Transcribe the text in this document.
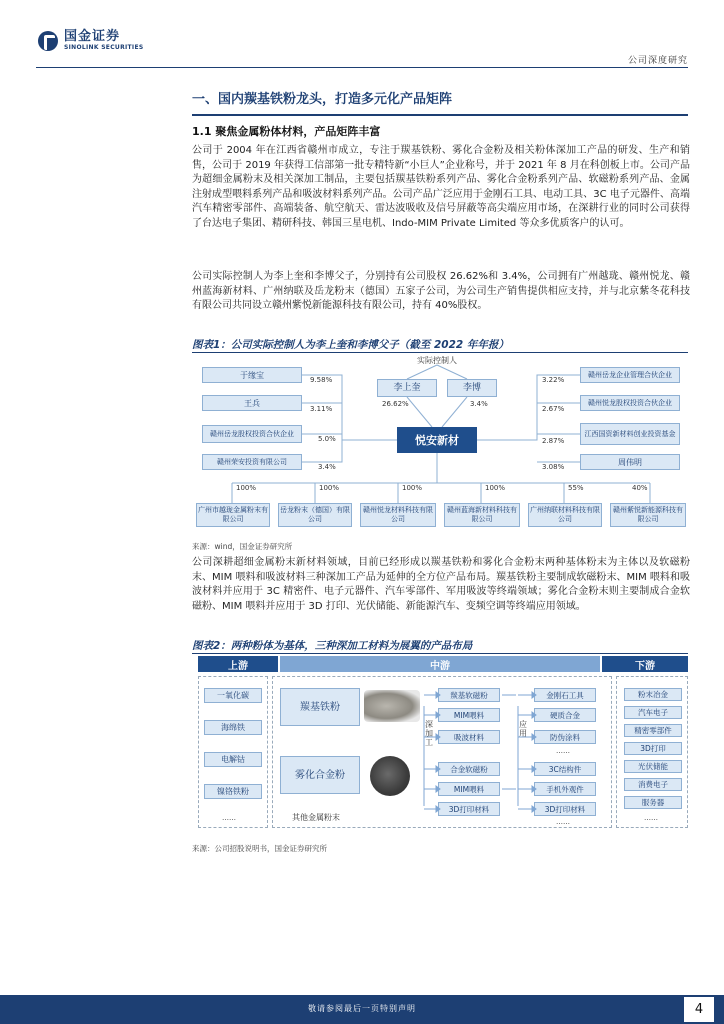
国金证券
SINOLINK SECURITIES
公司深度研究
一、国内羰基铁粉龙头，打造多元化产品矩阵
1.1 聚焦金属粉体材料，产品矩阵丰富

公司于 2004 年在江西省赣州市成立，专注于羰基铁粉、雾化合金粉及相关粉体深加工产品的研发、生产和销售，公司于 2019 年获得工信部第一批专精特新“小巨人”企业称号，并于 2021 年 8 月在科创板上市。公司产品为超细金属粉末及相关深加工制品，主要包括羰基铁粉系列产品、雾化合金粉系列产品、软磁粉系列产品、金属注射成型喂料系列产品和吸波材料系列产品。公司产品广泛应用于金刚石工具、电动工具、3C 电子元器件、高端汽车精密零部件、高端装备、航空航天、雷达波吸收及信号屏蔽等高尖端应用市场，在深耕行业的同时公司获得了台达电子集团、精研科技、韩国三星电机、Indo-MIM Private Limited 等众多优质客户的认可。

公司实际控制人为李上奎和李博父子，分别持有公司股权 26.62%和 3.4%，公司拥有广州越珑、赣州悦龙、赣州蓝海新材料、广州纳联及岳龙粉末（德国）五家子公司，为公司生产销售提供相应支持，并与北京紫冬花科技有限公司共同设立赣州紫悦新能源科技有限公司，持有 40%股权。

图表1：公司实际控制人为李上奎和李博父子（截至 2022 年年报）
实际控制人
李上奎	李博
26.62%	3.4%
悦安新材
于缘宝
9.58%
王兵
3.11%
赣州岳龙股权投资合伙企业
5.0%
赣州荣安投资有限公司
3.4%
赣州岳龙企业管理合伙企业
3.22%
赣州悦龙股权投资合伙企业
2.67%
江西国资新材料创业投资基金
2.87%
周伟明
3.08%
100%	100%	100%	100%	55%	40%
广州市越珑金属粉末有限公司
岳龙粉末（德国）有限公司
赣州悦龙材料科技有限公司
赣州蓝海新材料科技有限公司
广州纳联材料科技有限公司
赣州紫悦新能源科技有限公司
来源：wind，国金证券研究所

公司深耕超细金属粉末新材料领域，目前已经形成以羰基铁粉和雾化合金粉末两种基体粉末为主体以及软磁粉末、MIM 喂料和吸波材料三种深加工产品为延伸的全方位产品布局。羰基铁粉主要制成软磁粉末、MIM 喂料和吸波材料并应用于 3C 精密件、电子元器件、汽车零部件、军用吸波等终端领域；雾化合金粉末则主要制成合金软磁粉、MIM 喂料并应用于 3D 打印、光伏储能、新能源汽车、变频空调等终端应用领域。

图表2：两种粉体为基体，三种深加工材料为展翼的产品布局
上游	中游	下游
一氧化碳
海绵铁
电解钴
镍铬铁粉
……
羰基铁粉
雾化合金粉
其他金属粉末
深加工
应用
羰基软磁粉
MIM喂料
吸波材料
合金软磁粉
MIM喂料
3D打印材料
金刚石工具
硬质合金
防伪涂料
……
3C结构件
手机外观件
3D打印材料
……
粉末冶金
汽车电子
精密零部件
3D打印
光伏储能
消费电子
服务器
……
来源：公司招股说明书，国金证券研究所
敬请参阅最后一页特别声明	4
